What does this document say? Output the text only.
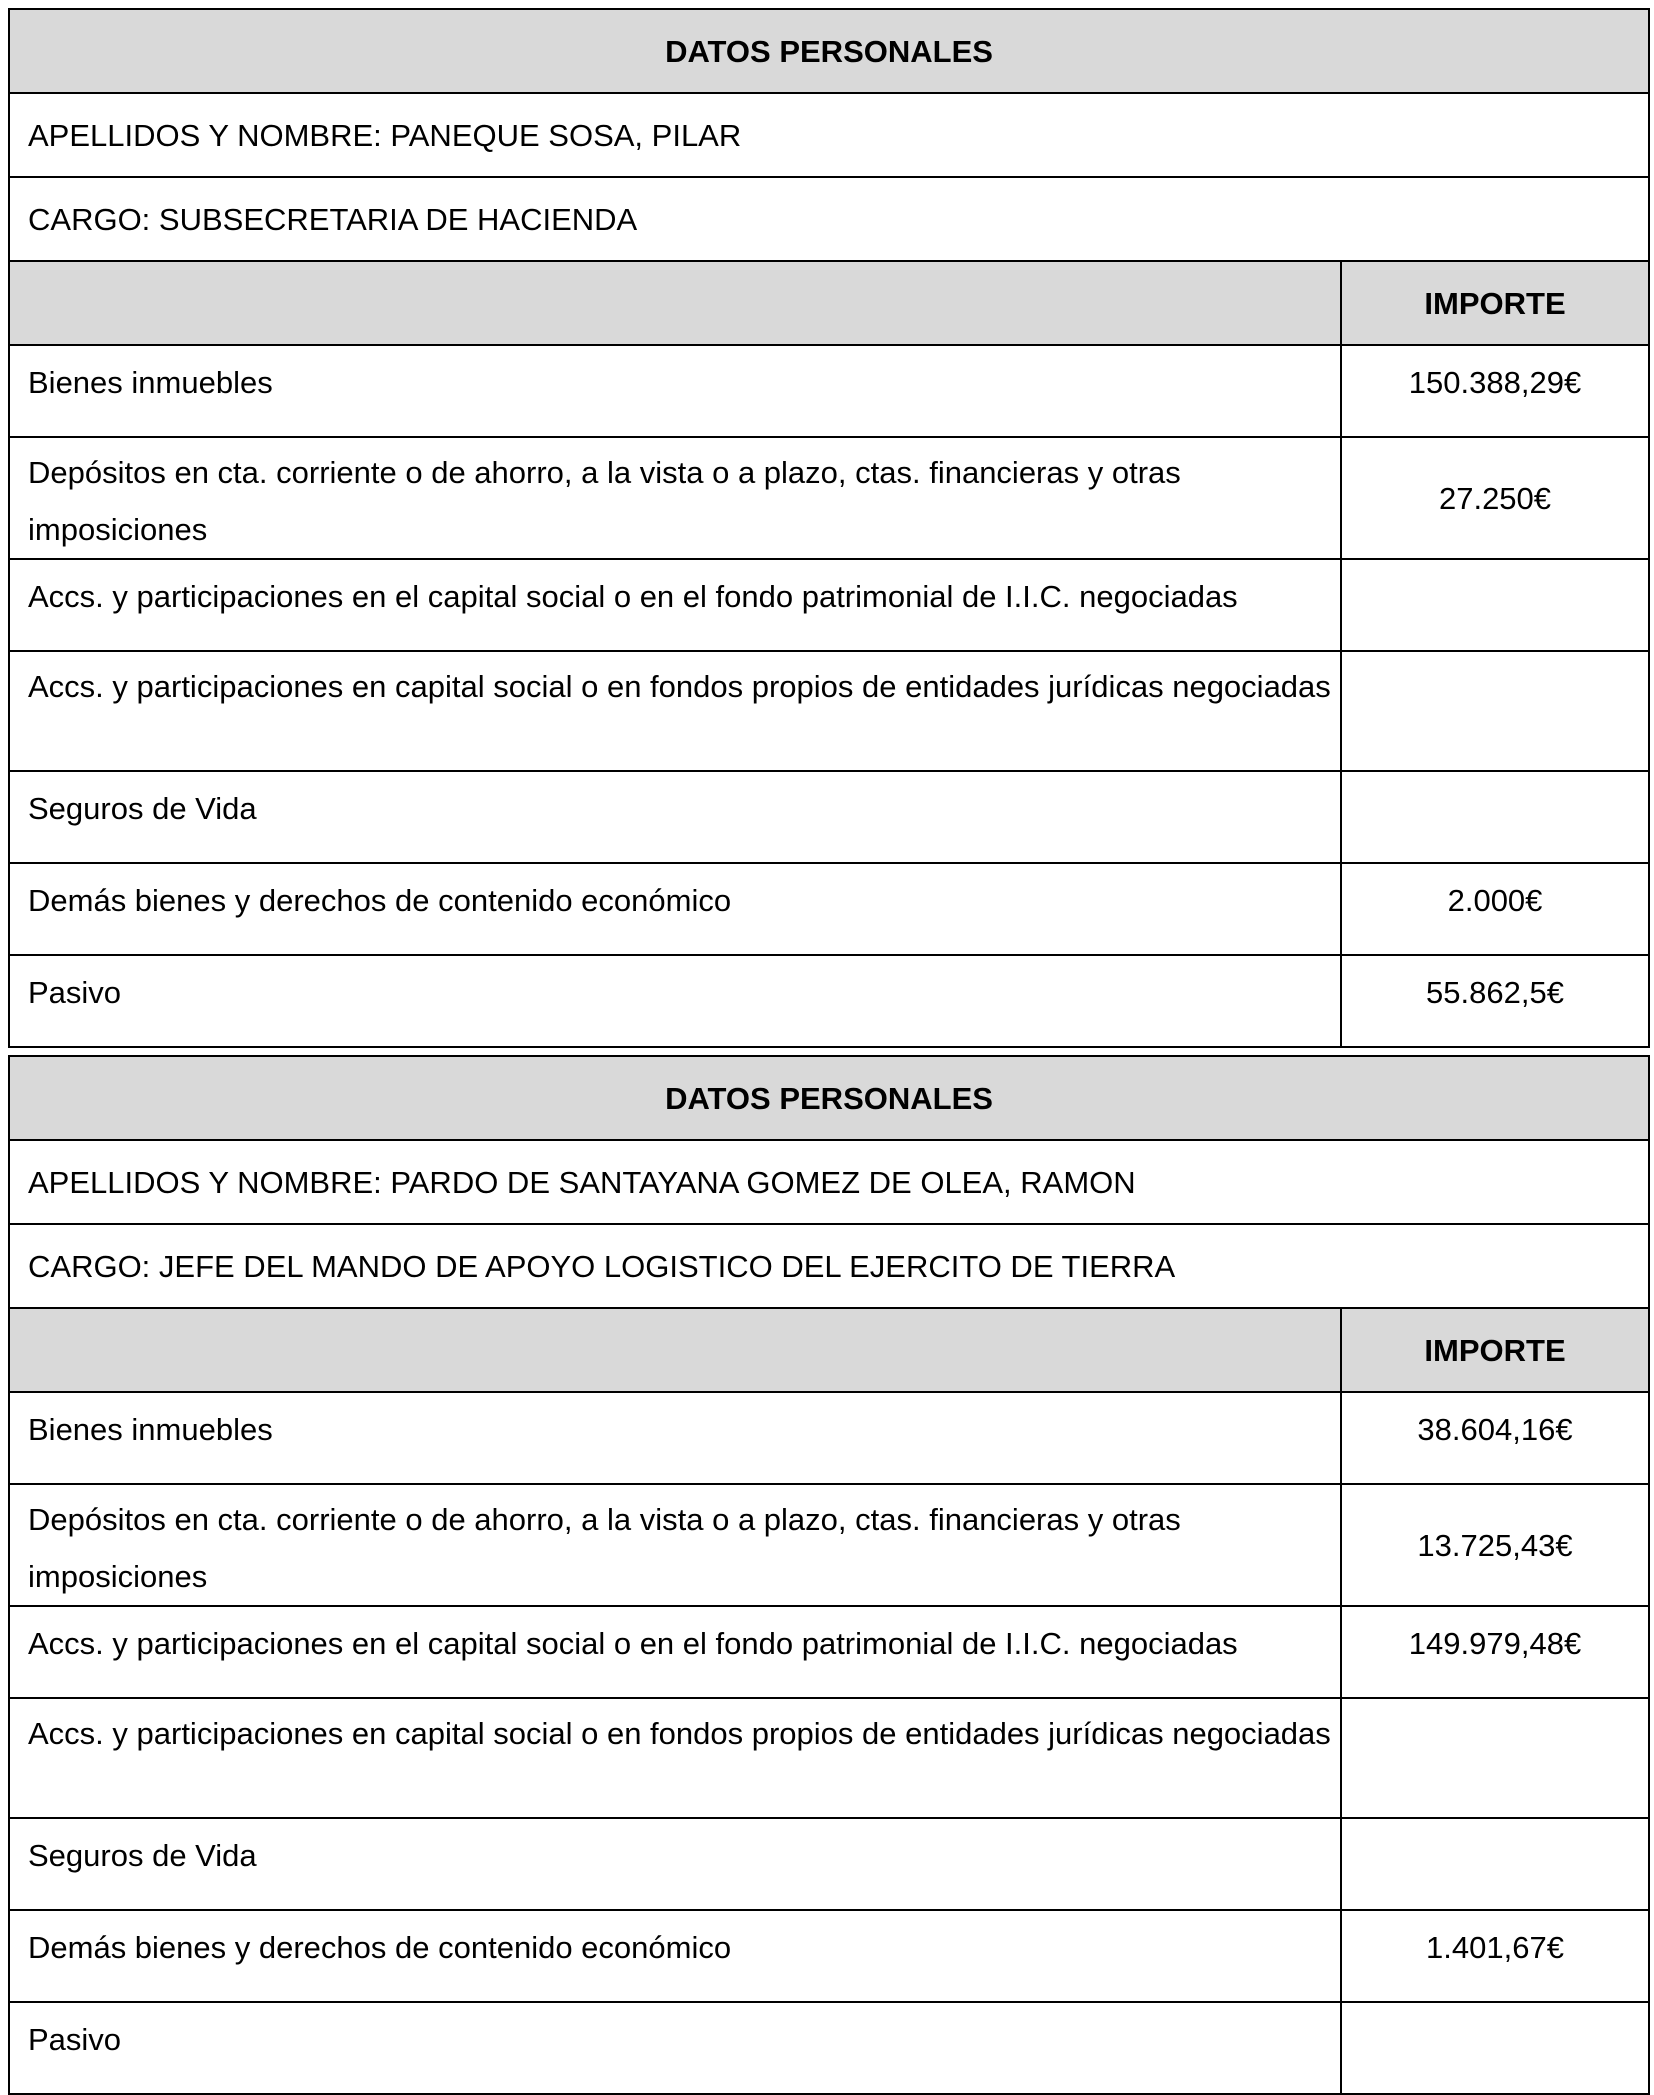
DATOS PERSONALES	
APELLIDOS Y NOMBRE: PANEQUE SOSA, PILAR	
CARGO: SUBSECRETARIA DE HACIENDA	
	IMPORTE
Bienes inmuebles	150.388,29€
Depósitos en cta. corriente o de ahorro, a la vista o a plazo, ctas. financieras y otras imposiciones	27.250€
Accs. y participaciones en el capital social o en el fondo patrimonial de I.I.C. negociadas	
Accs. y participaciones en capital social o en fondos propios de entidades jurídicas negociadas	
Seguros de Vida	
Demás bienes y derechos de contenido económico	2.000€
Pasivo	55.862,5€
DATOS PERSONALES	
APELLIDOS Y NOMBRE: PARDO DE SANTAYANA GOMEZ DE OLEA, RAMON	
CARGO: JEFE DEL MANDO DE APOYO LOGISTICO DEL EJERCITO DE TIERRA	
	IMPORTE
Bienes inmuebles	38.604,16€
Depósitos en cta. corriente o de ahorro, a la vista o a plazo, ctas. financieras y otras imposiciones	13.725,43€
Accs. y participaciones en el capital social o en el fondo patrimonial de I.I.C. negociadas	149.979,48€
Accs. y participaciones en capital social o en fondos propios de entidades jurídicas negociadas	
Seguros de Vida	
Demás bienes y derechos de contenido económico	1.401,67€
Pasivo	
